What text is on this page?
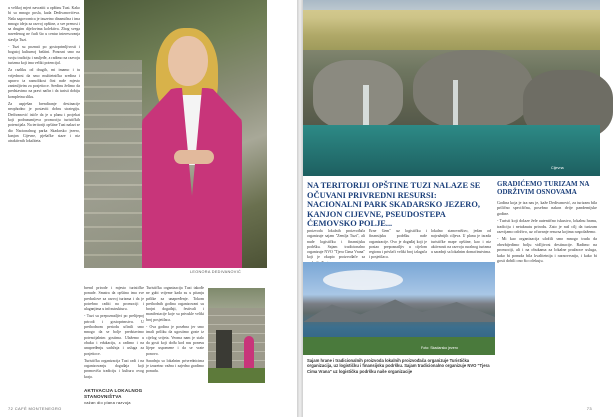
u velikoj mjeri navratiti u opštinu Tuzi. Kako bi sa mnogo posla, kada Dedivanovićeva. Naša sagovornica je izuzetno dinamična i ima mnogo ideja za razvoj opštine, a sve prenosi i sa drugim dijelovima kolektiva. Zbog svega navedenog ne čudi što u centar interesovanja stavlja Tuzi.

- Tuzi su poznati po gostoprimljivosti i bogatoj kulturnoj baštini. Ponosni smo na svoju tradiciju i nasljeđe, a radimo na razvoju turizma koji ima veliki potencijal.

Za razliku od drugih, mi imamo i tu vrijednost da smo multietnička sredina i upravo ta raznolikost čini naše mjesto zanimljivim za posjetioce. Sredinu želimo da predstavimo na pravi način i da turisti dobiju kompletnu sliku.

Za uspješan brendiranje destinacije neophodno je postaviti dobru strategiju. Dedivanović ističe da je u planu i projekat koji podrazumijeva promociju turističkih potencijala. Na teritoriji opštine Tuzi nalazi se dio Nacionalnog parka Skadarsko jezero, kanjon Cijevne, pješačke staze i niz atraktivnih lokaliteta.

LEONORA DEDIVANOVIĆ

brend prirode i mjesto turističke ponude. Smatra da opština ima sve preduslove za razvoj turizma i da je potrebno raditi na promociji i ulaganjima u infrastrukturu.

- Tuzi su prepoznatljivi po prelijepoj prirodi i gostoprimstvu. U prethodnom periodu učinili smo mnogo da se bolje predstavimo potencijalnim gostima. Ulažemo u obuku i edukaciju, a radimo i na unapređenju sadržaja i usluga za posjetioce.

Turistička organizacija Tuzi radi i na organizovanju događaja koji promovišu tradiciju i kulturu ovog kraja.

Turistička organizacija Tuzi takođe ne gubi vrijeme kada su u pitanju prilike za unapređenje. Tokom prethodnih godina organizovani su brojni događaji, festivali i manifestacije koje su privukle veliki broj posjetilaca.

- Ova godina je posebna jer smo imali priliku da ugostimo goste iz cijelog svijeta. Veoma nam je stalo da gosti koji dođu kod nas ponesu lijepe uspomene i da se vrate ponovo.

Saradnja sa lokalnim privrednicima je izuzetno važna i zajedno gradimo ponudu.

AKTIVACIJA LOKALNOG STANOVNIŠTVA
važan dio plana razvoja
72 CAFÉ MONTENEGRO
Cijevna
NA TERITORIJI OPŠTINE TUZI NALAZE SE OČUVANI PRIVREDNI RESURSI: NACIONALNI PARK SKADARSKO JEZERO, KANJON CIJEVNE, PSEUDOSTEPA ĆEMOVSKO POLJE...

proizvoda lokalnih proizvođača organizuje sajam "Zemlja Tuzi", ali nude logističku i finansijsku podršku. Sajam tradicionalno organizuje NVO "Tjera Cima Vrana" koji je okupio proizvođače sa

Erne Gem" uz logističku i finansijsku podršku naše organizacije. Ovo je događaj koji je postao prepoznatljiv u cijelom regionu i privlači veliki broj izlagača i posjetilaca.

lokalno stanovništvo, jedan od najvažnijih ciljeva. U planu je izrada turističke mape opštine, kao i niz aktivnosti na razvoju ruralnog turizma u saradnji sa lokalnim domaćinstvima.

GRADIĆEMO TURIZAM NA ODRŽIVIM OSNOVAMA

Godina koja je iza nas je, kaže Dedivanović, za turizam bila prilično specifična, posebno nakon dvije pandemijske godine.

- Turisti koji dolaze žele autentično iskustvo, lokalnu hranu, tradiciju i netaknutu prirodu. Zato je naš cilj da turizam razvijamo održivo, uz očuvanje resursa kojima raspolažemo.

- Mi kao organizacija uložili smo mnogo truda da obezbijedimo bolju vidljivost destinacije. Radimo na promociji, ali i na obukama za lokalne pružaoce usluga, kako bi ponuda bila kvalitetnija i raznovrsnija, i kako bi gosti dobili ono što očekuju.

Foto: Skadarsko jezero
Sajam hrane i tradicionalnih proizvoda lokalnih proizvođača organizuje Turistička organizacija, uz logističku i finansijsku podršku. Sajam tradicionalno organizuje NVO "Tjera Cima Vrana" uz logističku podršku naše organizacije
73
